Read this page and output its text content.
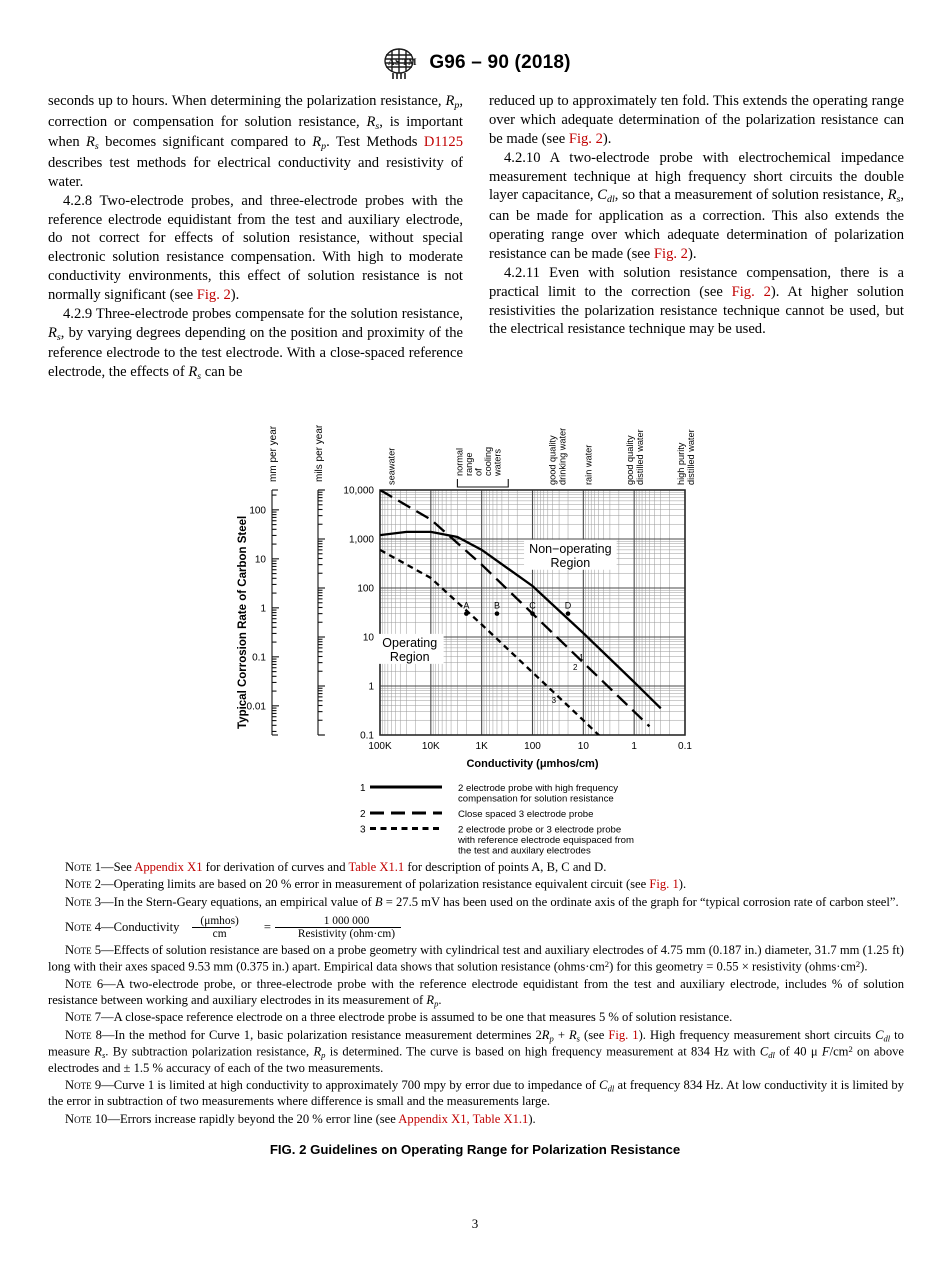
A S T M G96 – 90 (2018)

seconds up to hours. When determining the polarization resistance, $R_p$, correction or compensation for solution resistance, $R_s$, is important when $R_s$ becomes significant compared to $R_p$. Test Methods D1125 describes test methods for electrical conductivity and resistivity of water.

4.2.8 Two-electrode probes, and three-electrode probes with the reference electrode equidistant from the test and auxiliary electrode, do not correct for effects of solution resistance, without special electronic solution resistance compensation. With high to moderate conductivity environments, this effect of solution resistance is not normally significant (see Fig. 2).

4.2.9 Three-electrode probes compensate for the solution resistance, $R_s$, by varying degrees depending on the position and proximity of the reference electrode to the test electrode. With a close-spaced reference electrode, the effects of $R_s$ can be

reduced up to approximately ten fold. This extends the operating range over which adequate determination of the polarization resistance can be made (see Fig. 2).

4.2.10 A two-electrode probe with electrochemical impedance measurement technique at high frequency short circuits the double layer capacitance, $C_{dl}$, so that a measurement of solution resistance, $R_s$, can be made for application as a correction. This also extends the operating range over which adequate determination of polarization resistance can be made (see Fig. 2).

4.2.11 Even with solution resistance compensation, there is a practical limit to the correction (see Fig. 2). At higher solution resistivities the polarization resistance technique cannot be used, but the electrical resistance technique may be used.

1
2
3
A	B	C	D
Non−operating
Region
Operating
Region
100K	10K	1K	100	10	1	0.1
Conductivity (μmhos/cm)
10,000
1,000
100
10
1
0.1
100
10
1
0.1
0.01
mm per year	mils per year
Typical Corrosion Rate of Carbon Steel
seawater	normal range of cooling waters	good quality drinking water rain water	good quality distilled water	high purity distilled water
1	2 electrode probe with high frequency
compensation for solution resistance
2	Close spaced 3 electrode probe
3	2 electrode probe or 3 electrode probe
with reference electrode equispaced from
the test and auxilary electrodes

Note 1—See Appendix X1 for derivation of curves and Table X1.1 for description of points A, B, C and D.

Note 2—Operating limits are based on 20 % error in measurement of polarization resistance equivalent circuit (see Fig. 1).

Note 3—In the Stern-Geary equations, an empirical value of B = 27.5 mV has been used on the ordinate axis of the graph for “typical corrosion rate of carbon steel”.

Note 4—Conductivity $\frac{\text{(μmhos)}}{cm}$	= $\frac{1 000 000}{\text{Resistivity (ohm·cm)}}$

Note 5—Effects of solution resistance are based on a probe geometry with cylindrical test and auxiliary electrodes of 4.75 mm (0.187 in.) diameter, 31.7 mm (1.25 ft) long with their axes spaced 9.53 mm (0.375 in.) apart. Empirical data shows that solution resistance $(ohms\cdot cm^2)$ for this geometry = 0.55 × resistivity $(ohms\cdot cm^2)$.

Note 6—A two-electrode probe, or three-electrode probe with the reference electrode equidistant from the test and auxiliary electrode, includes % of solution resistance between working and auxiliary electrodes in its measurement of $R_p$.

Note 7—A close-space reference electrode on a three electrode probe is assumed to be one that measures 5 % of solution resistance.

Note 8—In the method for Curve 1, basic polarization resistance measurement determines $2R_p + R_s$ (see Fig. 1). High frequency measurement short circuits $C_{dl}$ to measure $R_s$. By subtraction polarization resistance, $R_p$ is determined. The curve is based on high frequency measurement at 834 Hz with $C_{dl}$ of 40 μ $F/cm^2$ on above electrodes and ± 1.5 % accuracy of each of the two measurements.

Note 9—Curve 1 is limited at high conductivity to approximately 700 mpy by error due to impedance of $C_{dl}$ at frequency 834 Hz. At low conductivity it is limited by the error in subtraction of two measurements where difference is small and the measurements large.

Note 10—Errors increase rapidly beyond the 20 % error line (see Appendix X1, Table X1.1).

FIG. 2 Guidelines on Operating Range for Polarization Resistance
3
